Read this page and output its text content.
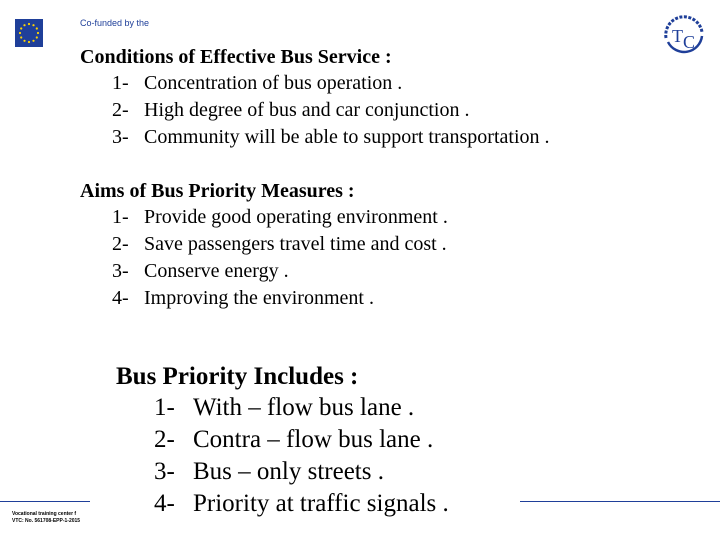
Co-funded by the
T C
Conditions of Effective Bus Service :
1- Concentration of bus operation .
2- High degree of bus and car conjunction .
3- Community will be able to support transportation .
Aims of Bus Priority Measures :
1- Provide good operating environment .
2- Save passengers travel time and cost .
3- Conserve energy .
4- Improving the environment .
Bus Priority Includes :
1- With – flow bus lane .
2- Contra – flow bus lane .
3- Bus – only streets .
4- Priority at traffic signals .
Vocational training center f
VTC: No. 561708-EPP-1-2015
